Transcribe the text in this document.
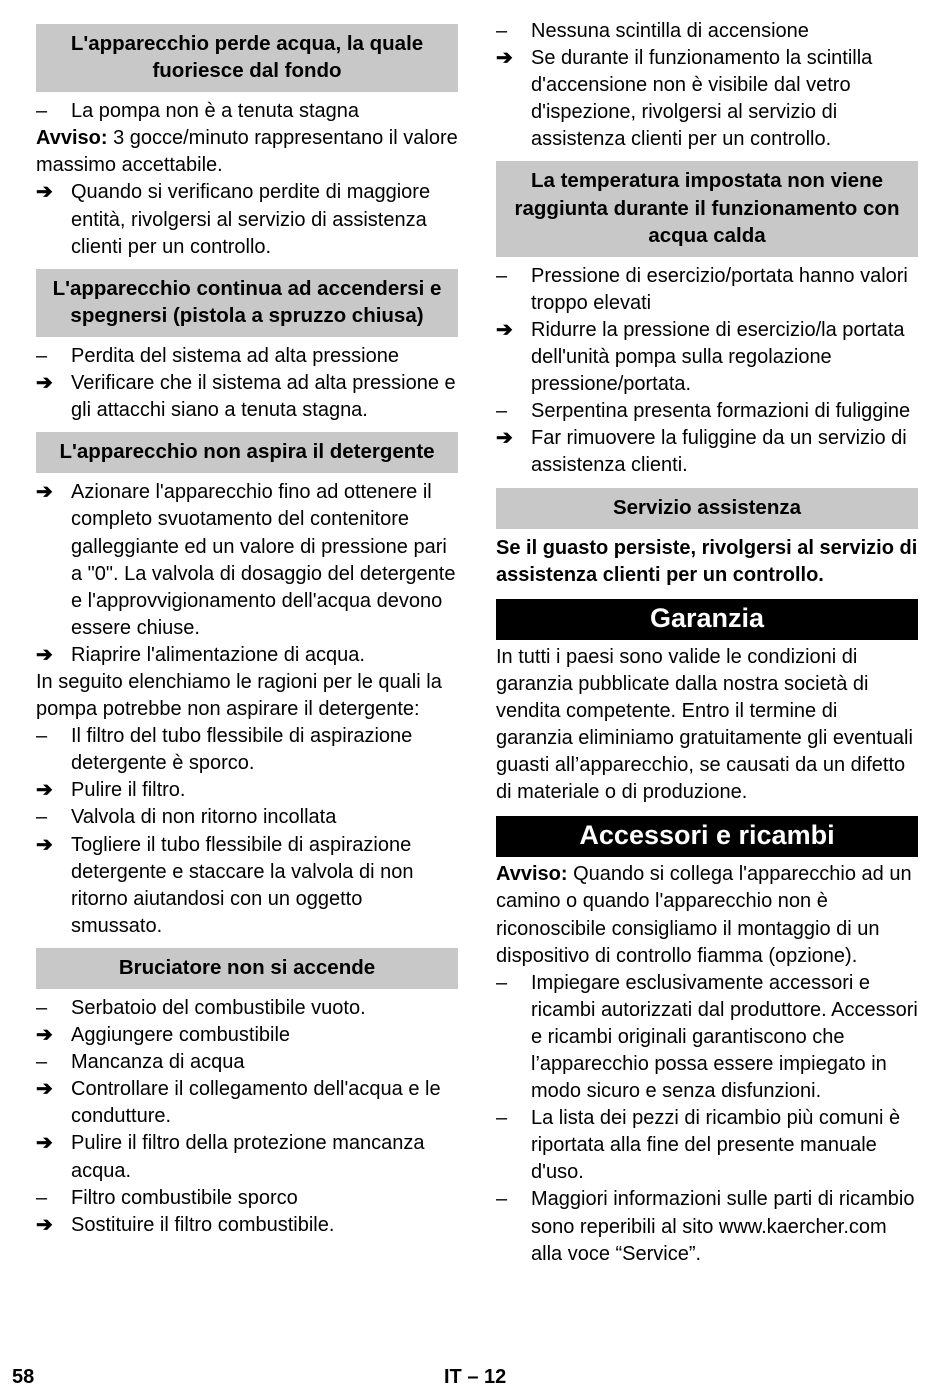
L'apparecchio perde acqua, la quale fuoriesce dal fondo
–	La pompa non è a tenuta stagna

Avviso: 3 gocce/minuto rappresentano il valore massimo accettabile.

➔ Quando si verificano perdite di maggiore entità, rivolgersi al servizio di assistenza clienti per un controllo.
L'apparecchio continua ad accendersi e spegnersi (pistola a spruzzo chiusa)
–	Perdita del sistema ad alta pressione
➔ Verificare che il sistema ad alta pressione e gli attacchi siano a tenuta stagna.
L'apparecchio non aspira il detergente
➔ Azionare l'apparecchio fino ad ottenere il completo svuotamento del contenitore galleggiante ed un valore di pressione pari a "0". La valvola di dosaggio del detergente e l'approvvigionamento dell'acqua devono essere chiuse.
➔ Riaprire l'alimentazione di acqua.

In seguito elenchiamo le ragioni per le quali la pompa potrebbe non aspirare il detergente:

–	Il filtro del tubo flessibile di aspirazione detergente è sporco.
➔ Pulire il filtro.
–	Valvola di non ritorno incollata
➔ Togliere il tubo flessibile di aspirazione detergente e staccare la valvola di non ritorno aiutandosi con un oggetto smussato.
Bruciatore non si accende
–	Serbatoio del combustibile vuoto.
➔ Aggiungere combustibile
–	Mancanza di acqua
➔ Controllare il collegamento dell'acqua e le condutture.
➔ Pulire il filtro della protezione mancanza acqua.
–	Filtro combustibile sporco
➔ Sostituire il filtro combustibile.
–	Nessuna scintilla di accensione
➔ Se durante il funzionamento la scintilla d'accensione non è visibile dal vetro d'ispezione, rivolgersi al servizio di assistenza clienti per un controllo.
La temperatura impostata non viene raggiunta durante il funzionamento con acqua calda
–	Pressione di esercizio/portata hanno valori troppo elevati
➔ Ridurre la pressione di esercizio/la portata dell'unità pompa sulla regolazione pressione/portata.
–	Serpentina presenta formazioni di fuliggine
➔ Far rimuovere la fuliggine da un servizio di assistenza clienti.
Servizio assistenza

Se il guasto persiste, rivolgersi al servizio di assistenza clienti per un controllo.

Garanzia

In tutti i paesi sono valide le condizioni di garanzia pubblicate dalla nostra società di vendita competente. Entro il termine di garanzia eliminiamo gratuitamente gli eventuali guasti all’apparecchio, se causati da un difetto di materiale o di produzione.

Accessori e ricambi

Avviso: Quando si collega l'apparecchio ad un camino o quando l'apparecchio non è riconoscibile consigliamo il montaggio di un dispositivo di controllo fiamma (opzione).

–	Impiegare esclusivamente accessori e ricambi autorizzati dal produttore. Accessori e ricambi originali garantiscono che l’apparecchio possa essere impiegato in modo sicuro e senza disfunzioni.
–	La lista dei pezzi di ricambio più comuni è riportata alla fine del presente manuale d'uso.
–	Maggiori informazioni sulle parti di ricambio sono reperibili al sito www.kaercher.com alla voce “Service”.
58	IT – 12
